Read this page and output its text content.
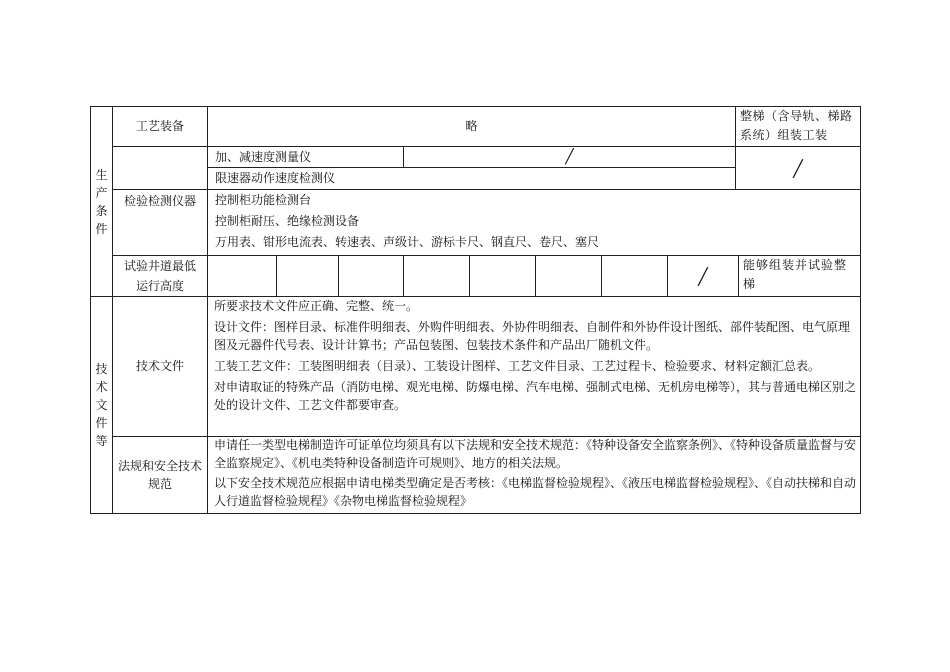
生产条件
技术文件等
工艺装备	略
整梯（含导轨、梯路系统）组装工装
检验检测仪器
加、减速度测量仪	╱
限速器动作速度检测仪
╱
控制柜功能检测台
控制柜耐压、绝缘检测设备
万用表、钳形电流表、转速表、声级计、游标卡尺、钢直尺、卷尺、塞尺
试验井道最低运行高度
╱
能够组装并试验整梯
技术文件

所要求技术文件应正确、完整、统一。

设计文件：图样目录、标准件明细表、外购件明细表、外协件明细表、自制件和外协件设计图纸、部件装配图、电气原理图及元器件代号表、设计计算书；产品包装图、包装技术条件和产品出厂随机文件。

工装工艺文件：工装图明细表（目录）、工装设计图样、工艺文件目录、工艺过程卡、检验要求、材料定额汇总表。

对申请取证的特殊产品（消防电梯、观光电梯、防爆电梯、汽车电梯、强制式电梯、无机房电梯等），其与普通电梯区别之处的设计文件、工艺文件都要审查。

法规和安全技术规范

申请任一类型电梯制造许可证单位均须具有以下法规和安全技术规范：《特种设备安全监察条例》、《特种设备质量监督与安全监察规定》、《机电类特种设备制造许可规则》、地方的相关法规。

以下安全技术规范应根据申请电梯类型确定是否考核：《电梯监督检验规程》、《液压电梯监督检验规程》、《自动扶梯和自动人行道监督检验规程》《杂物电梯监督检验规程》
